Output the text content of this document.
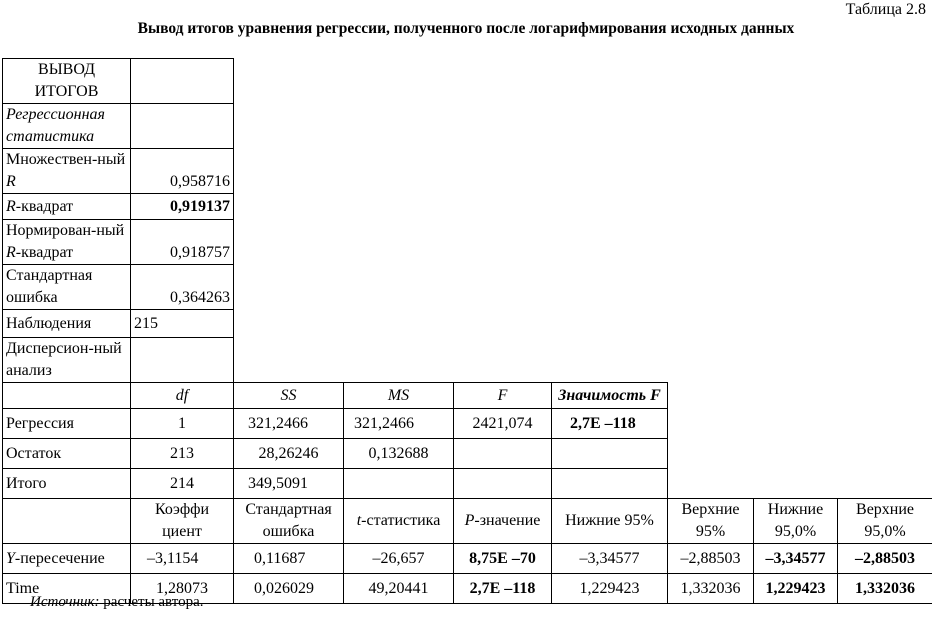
Таблица 2.8
Вывод итогов уравнения регрессии, полученного после логарифмирования исходных данных
ВЫВОД ИТОГОВ								
Регрессионная статистика								
Множествен-ный R	0,958716							
R-квадрат	0,919137							
Нормирован-ный R-квадрат	0,918757							
Стандартная ошибка	0,364263							
Наблюдения	215							
Дисперсион-ный анализ								
	df	SS	MS	F	Значимость F			
Регрессия	1	321,2466	321,2466	2421,074	2,7E –118			
Остаток	213	28,26246	0,132688					
Итого	214	349,5091						
	Коэффи циент	Стандартная ошибка	t-статистика	P-значение	Нижние 95%	Верхние 95%	Нижние 95,0%	Верхние 95,0%
Y-пересечение	–3,1154	0,11687	–26,657	8,75E –70	–3,34577	–2,88503	–3,34577	–2,88503
Time	1,28073	0,026029	49,20441	2,7E –118	1,229423	1,332036	1,229423	1,332036
Источник: расчеты автора.
